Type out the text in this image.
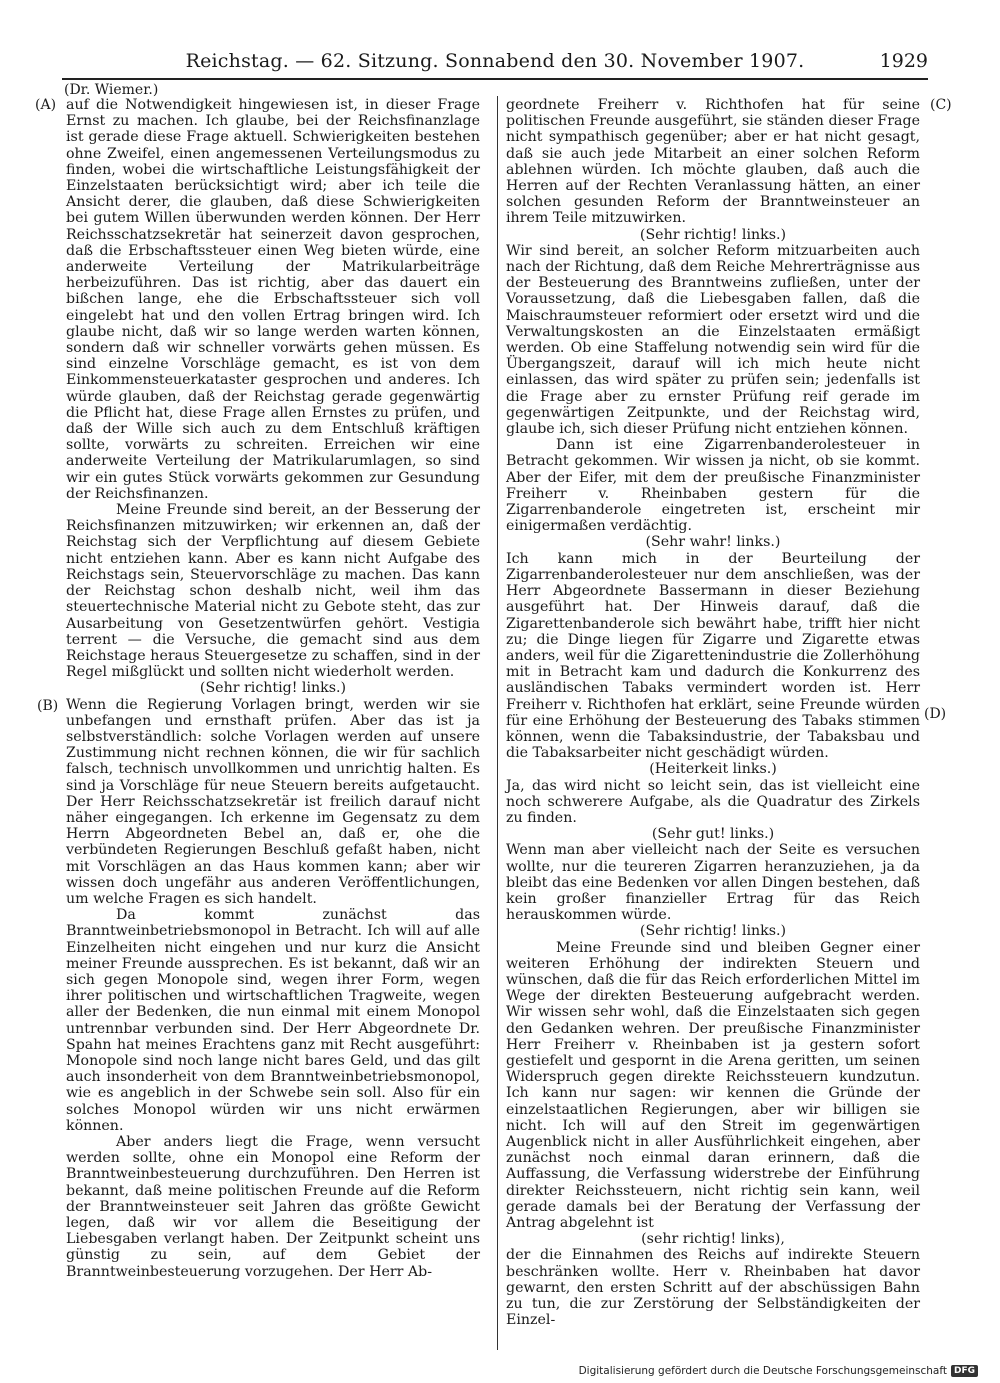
Reichstag. — 62. Sitzung. Sonnabend den 30. November 1907.	1929
(Dr. Wiemer.)
(A)
(B)
(C)
(D)

auf die Notwendigkeit hingewiesen ist, in dieser Frage Ernst zu machen. Ich glaube, bei der Reichsfinanzlage ist gerade diese Frage aktuell. Schwierigkeiten bestehen ohne Zweifel, einen angemessenen Verteilungsmodus zu finden, wobei die wirtschaftliche Leistungsfähigkeit der Einzelstaaten berücksichtigt wird; aber ich teile die Ansicht derer, die glauben, daß diese Schwierigkeiten bei gutem Willen überwunden werden können. Der Herr Reichsschatzsekretär hat seinerzeit davon gesprochen, daß die Erbschaftssteuer einen Weg bieten würde, eine anderweite Verteilung der Matrikularbeiträge herbeizuführen. Das ist richtig, aber das dauert ein bißchen lange, ehe die Erbschaftssteuer sich voll eingelebt hat und den vollen Ertrag bringen wird. Ich glaube nicht, daß wir so lange werden warten können, sondern daß wir schneller vorwärts gehen müssen. Es sind einzelne Vorschläge gemacht, es ist von dem Einkommensteuerkataster gesprochen und anderes. Ich würde glauben, daß der Reichstag gerade gegenwärtig die Pflicht hat, diese Frage allen Ernstes zu prüfen, und daß der Wille sich auch zu dem Entschluß kräftigen sollte, vorwärts zu schreiten. Erreichen wir eine anderweite Verteilung der Matrikularumlagen, so sind wir ein gutes Stück vorwärts gekommen zur Gesundung der Reichsfinanzen.

Meine Freunde sind bereit, an der Besserung der Reichsfinanzen mitzuwirken; wir erkennen an, daß der Reichstag sich der Verpflichtung auf diesem Gebiete nicht entziehen kann. Aber es kann nicht Aufgabe des Reichstags sein, Steuervorschläge zu machen. Das kann der Reichstag schon deshalb nicht, weil ihm das steuertechnische Material nicht zu Gebote steht, das zur Ausarbeitung von Gesetzentwürfen gehört. Vestigia terrent — die Versuche, die gemacht sind aus dem Reichstage heraus Steuergesetze zu schaffen, sind in der Regel mißglückt und sollten nicht wiederholt werden.

(Sehr richtig! links.)

Wenn die Regierung Vorlagen bringt, werden wir sie unbefangen und ernsthaft prüfen. Aber das ist ja selbstverständlich: solche Vorlagen werden auf unsere Zustimmung nicht rechnen können, die wir für sachlich falsch, technisch unvollkommen und unrichtig halten. Es sind ja Vorschläge für neue Steuern bereits aufgetaucht. Der Herr Reichsschatzsekretär ist freilich darauf nicht näher eingegangen. Ich erkenne im Gegensatz zu dem Herrn Abgeordneten Bebel an, daß er, ohe die verbündeten Regierungen Beschluß gefaßt haben, nicht mit Vorschlägen an das Haus kommen kann; aber wir wissen doch ungefähr aus anderen Veröffentlichungen, um welche Fragen es sich handelt.

Da kommt zunächst das Branntweinbetriebsmonopol in Betracht. Ich will auf alle Einzelheiten nicht eingehen und nur kurz die Ansicht meiner Freunde aussprechen. Es ist bekannt, daß wir an sich gegen Monopole sind, wegen ihrer Form, wegen ihrer politischen und wirtschaftlichen Tragweite, wegen aller der Bedenken, die nun einmal mit einem Monopol untrennbar verbunden sind. Der Herr Abgeordnete Dr. Spahn hat meines Erachtens ganz mit Recht ausgeführt: Monopole sind noch lange nicht bares Geld, und das gilt auch insonderheit von dem Branntweinbetriebsmonopol, wie es angeblich in der Schwebe sein soll. Also für ein solches Monopol würden wir uns nicht erwärmen können.

Aber anders liegt die Frage, wenn versucht werden sollte, ohne ein Monopol eine Reform der Branntweinbesteuerung durchzuführen. Den Herren ist bekannt, daß meine politischen Freunde auf die Reform der Branntweinsteuer seit Jahren das größte Gewicht legen, daß wir vor allem die Beseitigung der Liebesgaben verlangt haben. Der Zeitpunkt scheint uns günstig zu sein, auf dem Gebiet der Branntweinbesteuerung vorzugehen. Der Herr Ab-

geordnete Freiherr v. Richthofen hat für seine politischen Freunde ausgeführt, sie ständen dieser Frage nicht sympathisch gegenüber; aber er hat nicht gesagt, daß sie auch jede Mitarbeit an einer solchen Reform ablehnen würden. Ich möchte glauben, daß auch die Herren auf der Rechten Veranlassung hätten, an einer solchen gesunden Reform der Branntweinsteuer an ihrem Teile mitzuwirken.

(Sehr richtig! links.)

Wir sind bereit, an solcher Reform mitzuarbeiten auch nach der Richtung, daß dem Reiche Mehrerträgnisse aus der Besteuerung des Branntweins zufließen, unter der Voraussetzung, daß die Liebesgaben fallen, daß die Maischraumsteuer reformiert oder ersetzt wird und die Verwaltungskosten an die Einzelstaaten ermäßigt werden. Ob eine Staffelung notwendig sein wird für die Übergangszeit, darauf will ich mich heute nicht einlassen, das wird später zu prüfen sein; jedenfalls ist die Frage aber zu ernster Prüfung reif gerade im gegenwärtigen Zeitpunkte, und der Reichstag wird, glaube ich, sich dieser Prüfung nicht entziehen können.

Dann ist eine Zigarrenbanderolesteuer in Betracht gekommen. Wir wissen ja nicht, ob sie kommt. Aber der Eifer, mit dem der preußische Finanzminister Freiherr v. Rheinbaben gestern für die Zigarrenbanderole eingetreten ist, erscheint mir einigermaßen verdächtig.

(Sehr wahr! links.)

Ich kann mich in der Beurteilung der Zigarrenbanderolesteuer nur dem anschließen, was der Herr Abgeordnete Bassermann in dieser Beziehung ausgeführt hat. Der Hinweis darauf, daß die Zigarettenbanderole sich bewährt habe, trifft hier nicht zu; die Dinge liegen für Zigarre und Zigarette etwas anders, weil für die Zigarettenindustrie die Zollerhöhung mit in Betracht kam und dadurch die Konkurrenz des ausländischen Tabaks vermindert worden ist. Herr Freiherr v. Richthofen hat erklärt, seine Freunde würden für eine Erhöhung der Besteuerung des Tabaks stimmen können, wenn die Tabaksindustrie, der Tabaksbau und die Tabaksarbeiter nicht geschädigt würden.

(Heiterkeit links.)

Ja, das wird nicht so leicht sein, das ist vielleicht eine noch schwerere Aufgabe, als die Quadratur des Zirkels zu finden.

(Sehr gut! links.)

Wenn man aber vielleicht nach der Seite es versuchen wollte, nur die teureren Zigarren heranzuziehen, ja da bleibt das eine Bedenken vor allen Dingen bestehen, daß kein großer finanzieller Ertrag für das Reich herauskommen würde.

(Sehr richtig! links.)

Meine Freunde sind und bleiben Gegner einer weiteren Erhöhung der indirekten Steuern und wünschen, daß die für das Reich erforderlichen Mittel im Wege der direkten Besteuerung aufgebracht werden. Wir wissen sehr wohl, daß die Einzelstaaten sich gegen den Gedanken wehren. Der preußische Finanzminister Herr Freiherr v. Rheinbaben ist ja gestern sofort gestiefelt und gespornt in die Arena geritten, um seinen Widerspruch gegen direkte Reichssteuern kundzutun. Ich kann nur sagen: wir kennen die Gründe der einzelstaatlichen Regierungen, aber wir billigen sie nicht. Ich will auf den Streit im gegenwärtigen Augenblick nicht in aller Ausführlichkeit eingehen, aber zunächst noch einmal daran erinnern, daß die Auffassung, die Verfassung widerstrebe der Einführung direkter Reichssteuern, nicht richtig sein kann, weil gerade damals bei der Beratung der Verfassung der Antrag abgelehnt ist

(sehr richtig! links),

der die Einnahmen des Reichs auf indirekte Steuern beschränken wollte. Herr v. Rheinbaben hat davor gewarnt, den ersten Schritt auf der abschüssigen Bahn zu tun, die zur Zerstörung der Selbständigkeiten der Einzel-

Digitalisierung gefördert durch die Deutsche Forschungsgemeinschaft DFG
